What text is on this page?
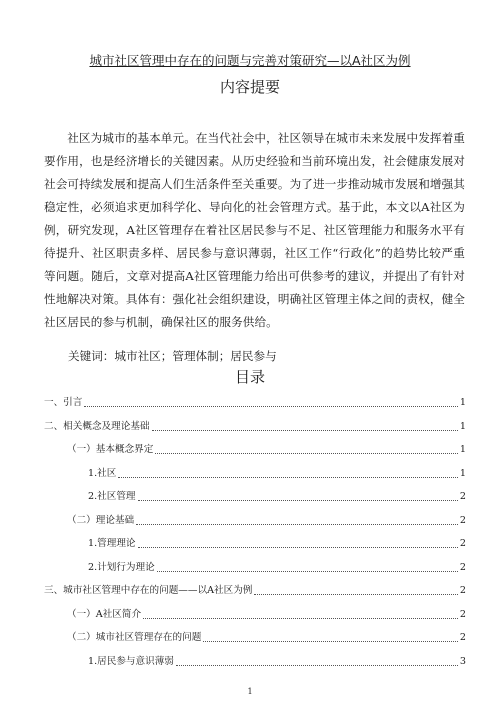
城市社区管理中存在的问题与完善对策研究—以A社区为例
内容提要
社区为城市的基本单元。在当代社会中，社区领导在城市未来发展中发挥着重要作用，也是经济增长的关键因素。从历史经验和当前环境出发，社会健康发展对社会可持续发展和提高人们生活条件至关重要。为了进一步推动城市发展和增强其稳定性，必须追求更加科学化、导向化的社会管理方式。基于此，本文以A社区为例，研究发现，A社区管理存在着社区居民参与不足、社区管理能力和服务水平有待提升、社区职责多样、居民参与意识薄弱，社区工作“行政化”的趋势比较严重等问题。随后，文章对提高A社区管理能力给出可供参考的建议，并提出了有针对性地解决对策。具体有：强化社会组织建设，明确社区管理主体之间的责权，健全社区居民的参与机制，确保社区的服务供给。
关键词：城市社区；管理体制；居民参与
目录
一、引言	1
二、相关概念及理论基础	1
（一）基本概念界定	1
1.社区	1
2.社区管理	2
（二）理论基础	2
1.管理理论	2
2.计划行为理论	2
三、城市社区管理中存在的问题——以A社区为例	2
（一）A社区简介	2
（二）城市社区管理存在的问题	2
1.居民参与意识薄弱	3
1
